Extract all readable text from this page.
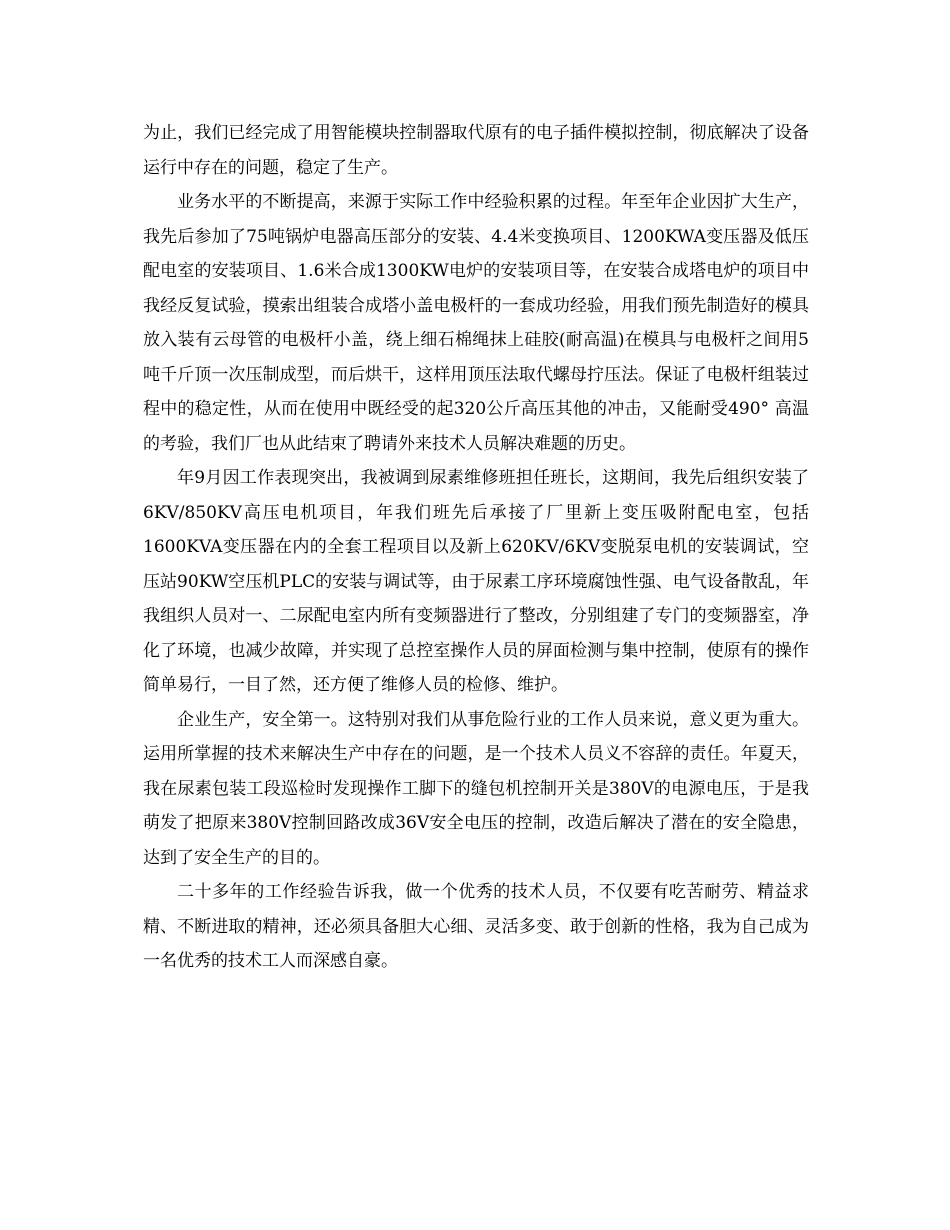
为止，我们已经完成了用智能模块控制器取代原有的电子插件模拟控制，彻底解决了设备运行中存在的问题，稳定了生产。

业务水平的不断提高，来源于实际工作中经验积累的过程。年至年企业因扩大生产，我先后参加了75吨锅炉电器高压部分的安装、4.4米变换项目、1200KWA变压器及低压配电室的安装项目、1.6米合成1300KW电炉的安装项目等，在安装合成塔电炉的项目中我经反复试验，摸索出组装合成塔小盖电极杆的一套成功经验，用我们预先制造好的模具放入装有云母管的电极杆小盖，绕上细石棉绳抹上硅胶(耐高温)在模具与电极杆之间用5吨千斤顶一次压制成型，而后烘干，这样用顶压法取代螺母拧压法。保证了电极杆组装过程中的稳定性，从而在使用中既经受的起320公斤高压其他的冲击，又能耐受490° 高温的考验，我们厂也从此结束了聘请外来技术人员解决难题的历史。

年9月因工作表现突出，我被调到尿素维修班担任班长，这期间，我先后组织安装了6KV/850KV高压电机项目，年我们班先后承接了厂里新上变压吸附配电室，包括1600KVA变压器在内的全套工程项目以及新上620KV/6KV变脱泵电机的安装调试，空压站90KW空压机PLC的安装与调试等，由于尿素工序环境腐蚀性强、电气设备散乱，年我组织人员对一、二尿配电室内所有变频器进行了整改，分别组建了专门的变频器室，净化了环境，也减少故障，并实现了总控室操作人员的屏面检测与集中控制，使原有的操作简单易行，一目了然，还方便了维修人员的检修、维护。

企业生产，安全第一。这特别对我们从事危险行业的工作人员来说，意义更为重大。运用所掌握的技术来解决生产中存在的问题，是一个技术人员义不容辞的责任。年夏天，我在尿素包装工段巡检时发现操作工脚下的缝包机控制开关是380V的电源电压，于是我萌发了把原来380V控制回路改成36V安全电压的控制，改造后解决了潜在的安全隐患，达到了安全生产的目的。

二十多年的工作经验告诉我，做一个优秀的技术人员，不仅要有吃苦耐劳、精益求精、不断进取的精神，还必须具备胆大心细、灵活多变、敢于创新的性格，我为自己成为一名优秀的技术工人而深感自豪。
